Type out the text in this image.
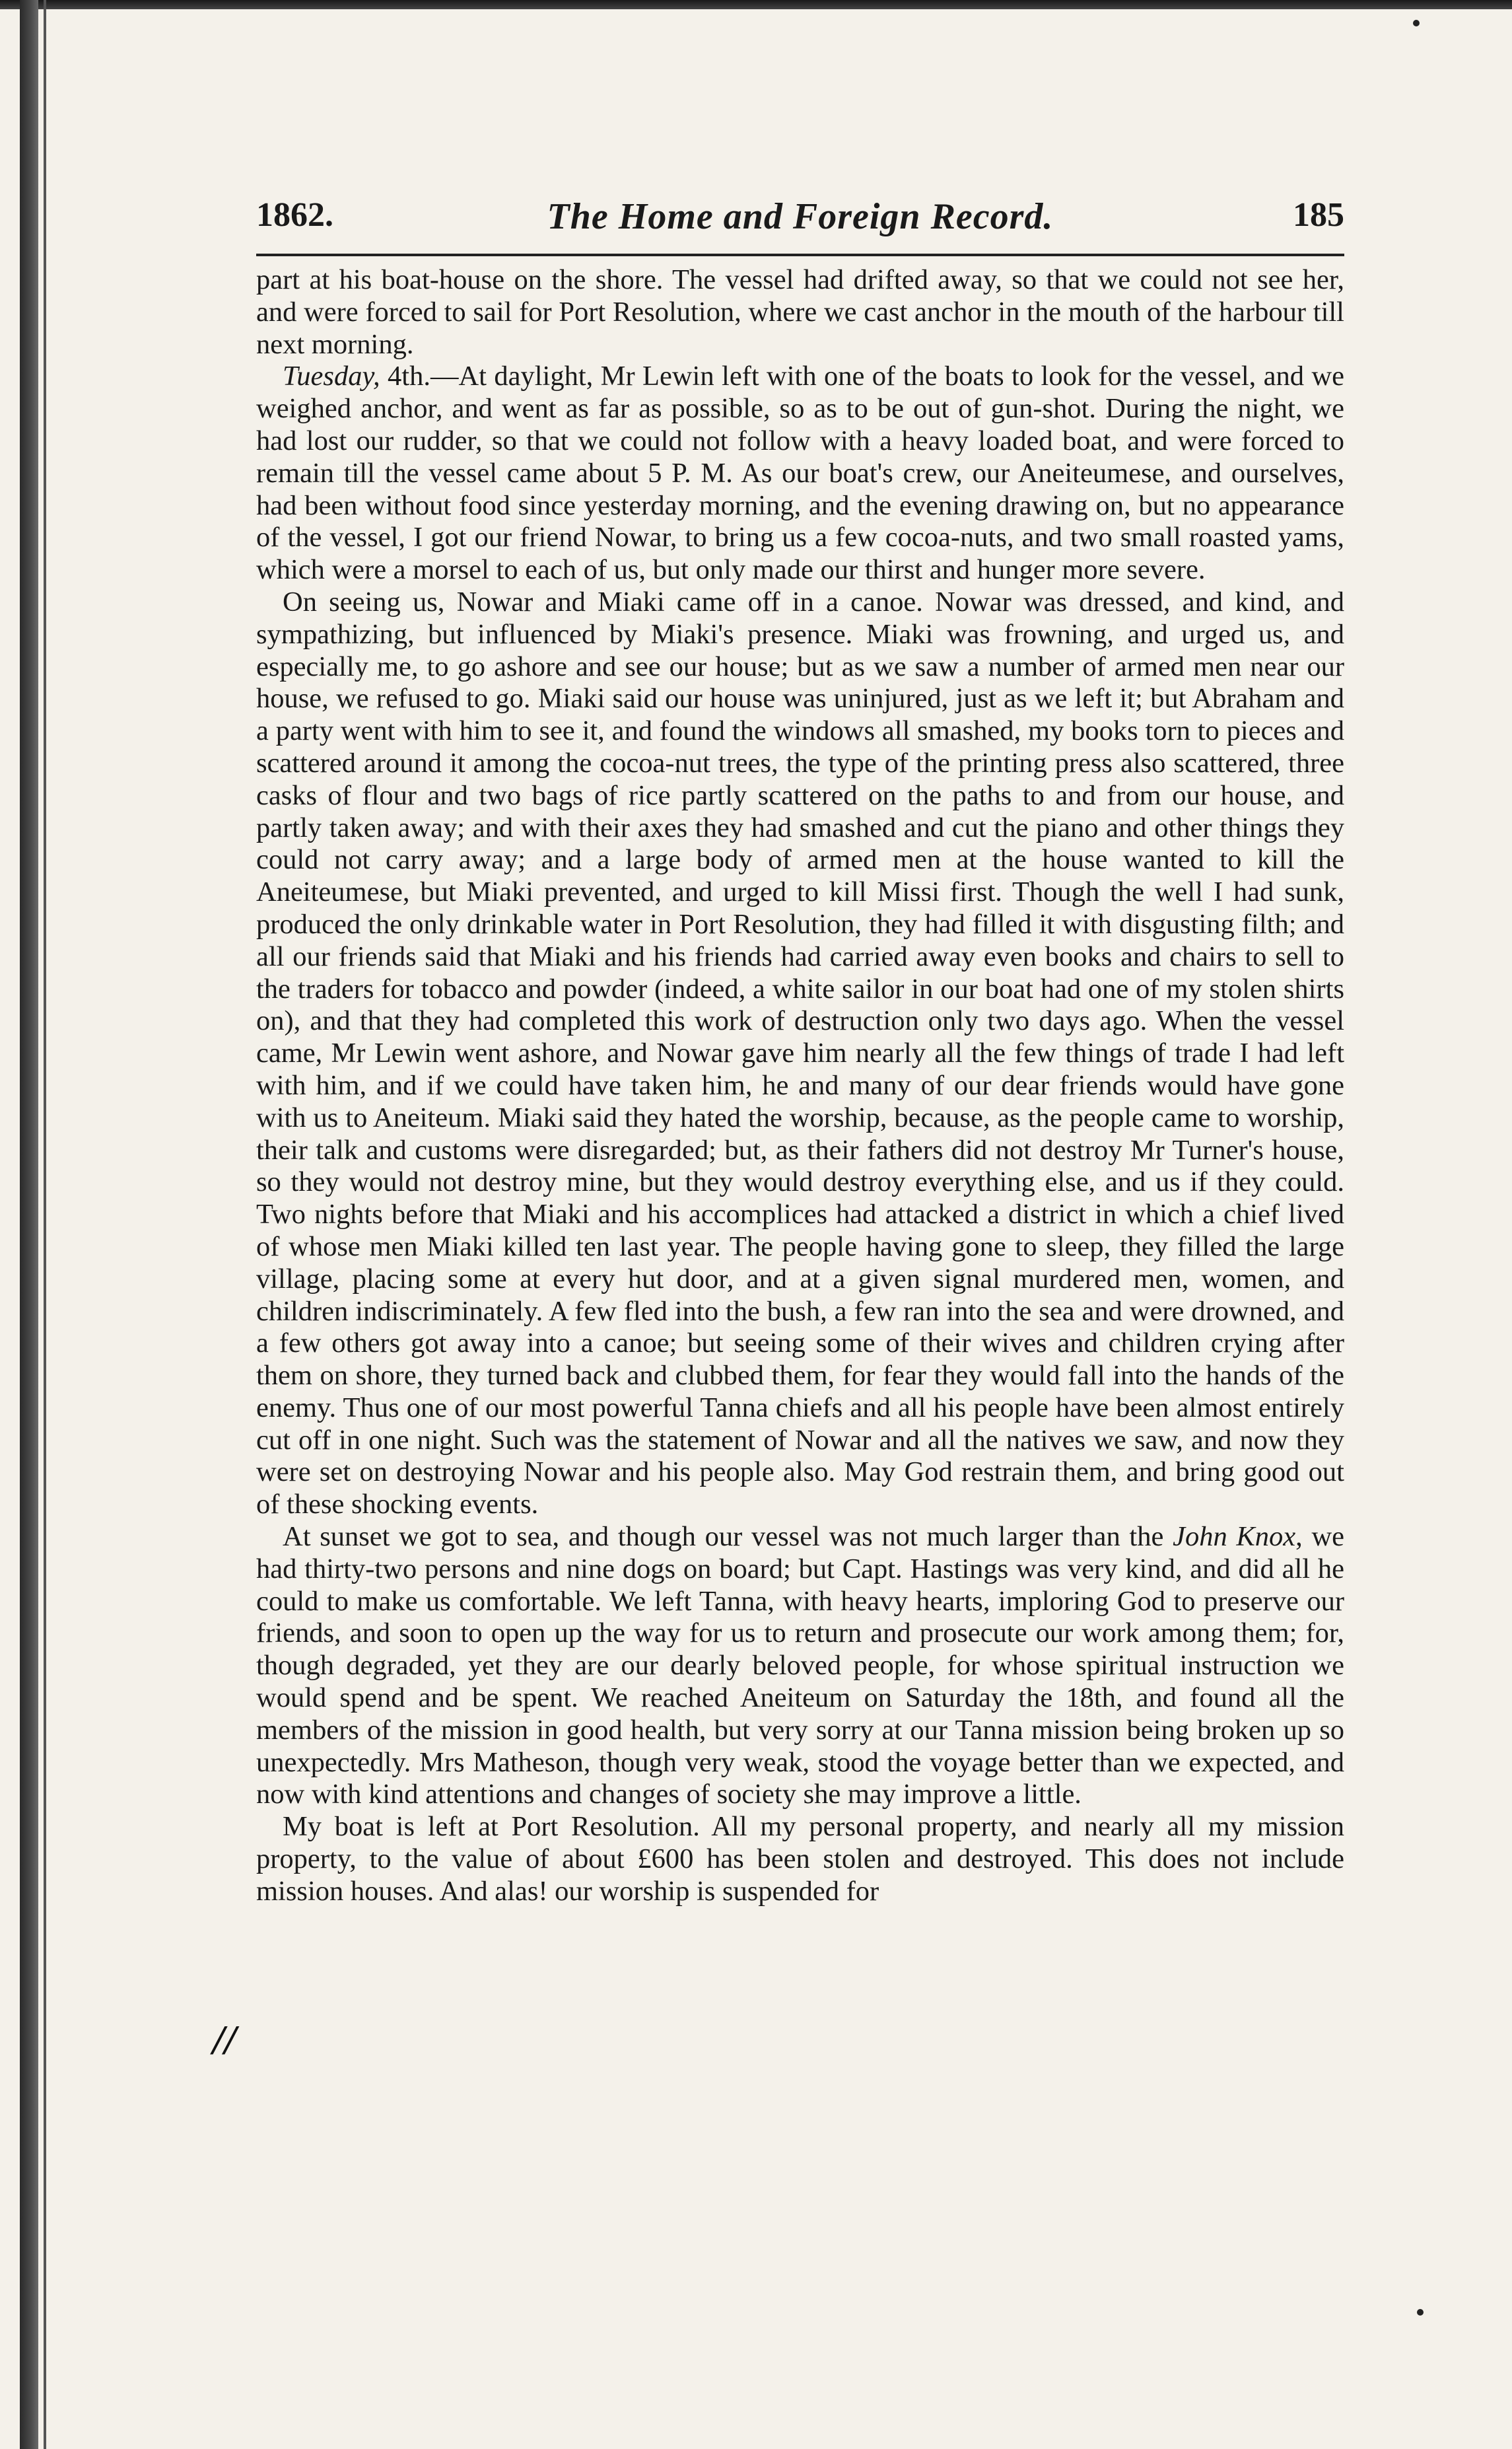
1862.	The Home and Foreign Record.	185

part at his boat-house on the shore. The vessel had drifted away, so that we could not see her, and were forced to sail for Port Resolution, where we cast anchor in the mouth of the harbour till next morning.

Tuesday, 4th.—At daylight, Mr Lewin left with one of the boats to look for the vessel, and we weighed anchor, and went as far as possible, so as to be out of gun-shot. During the night, we had lost our rudder, so that we could not follow with a heavy loaded boat, and were forced to remain till the vessel came about 5 P. M. As our boat's crew, our Aneiteumese, and ourselves, had been without food since yesterday morning, and the evening drawing on, but no appearance of the vessel, I got our friend Nowar, to bring us a few cocoa-nuts, and two small roasted yams, which were a morsel to each of us, but only made our thirst and hunger more severe.

On seeing us, Nowar and Miaki came off in a canoe. Nowar was dressed, and kind, and sympathizing, but influenced by Miaki's presence. Miaki was frowning, and urged us, and especially me, to go ashore and see our house; but as we saw a number of armed men near our house, we refused to go. Miaki said our house was uninjured, just as we left it; but Abraham and a party went with him to see it, and found the windows all smashed, my books torn to pieces and scattered around it among the cocoa-nut trees, the type of the printing press also scattered, three casks of flour and two bags of rice partly scattered on the paths to and from our house, and partly taken away; and with their axes they had smashed and cut the piano and other things they could not carry away; and a large body of armed men at the house wanted to kill the Aneiteumese, but Miaki prevented, and urged to kill Missi first. Though the well I had sunk, produced the only drinkable water in Port Resolution, they had filled it with disgusting filth; and all our friends said that Miaki and his friends had carried away even books and chairs to sell to the traders for tobacco and powder (indeed, a white sailor in our boat had one of my stolen shirts on), and that they had completed this work of destruction only two days ago. When the vessel came, Mr Lewin went ashore, and Nowar gave him nearly all the few things of trade I had left with him, and if we could have taken him, he and many of our dear friends would have gone with us to Aneiteum. Miaki said they hated the worship, because, as the people came to worship, their talk and customs were disregarded; but, as their fathers did not destroy Mr Turner's house, so they would not destroy mine, but they would destroy everything else, and us if they could. Two nights before that Miaki and his accomplices had attacked a district in which a chief lived of whose men Miaki killed ten last year. The people having gone to sleep, they filled the large village, placing some at every hut door, and at a given signal murdered men, women, and children indiscriminately. A few fled into the bush, a few ran into the sea and were drowned, and a few others got away into a canoe; but seeing some of their wives and children crying after them on shore, they turned back and clubbed them, for fear they would fall into the hands of the enemy. Thus one of our most powerful Tanna chiefs and all his people have been almost entirely cut off in one night. Such was the statement of Nowar and all the natives we saw, and now they were set on destroying Nowar and his people also. May God restrain them, and bring good out of these shocking events.

At sunset we got to sea, and though our vessel was not much larger than the John Knox, we had thirty-two persons and nine dogs on board; but Capt. Hastings was very kind, and did all he could to make us comfortable. We left Tanna, with heavy hearts, imploring God to preserve our friends, and soon to open up the way for us to return and prosecute our work among them; for, though degraded, yet they are our dearly beloved people, for whose spiritual instruction we would spend and be spent. We reached Aneiteum on Saturday the 18th, and found all the members of the mission in good health, but very sorry at our Tanna mission being broken up so unexpectedly. Mrs Matheson, though very weak, stood the voyage better than we expected, and now with kind attentions and changes of society she may improve a little.

My boat is left at Port Resolution. All my personal property, and nearly all my mission property, to the value of about £600 has been stolen and destroyed. This does not include mission houses. And alas! our worship is suspended for

//
